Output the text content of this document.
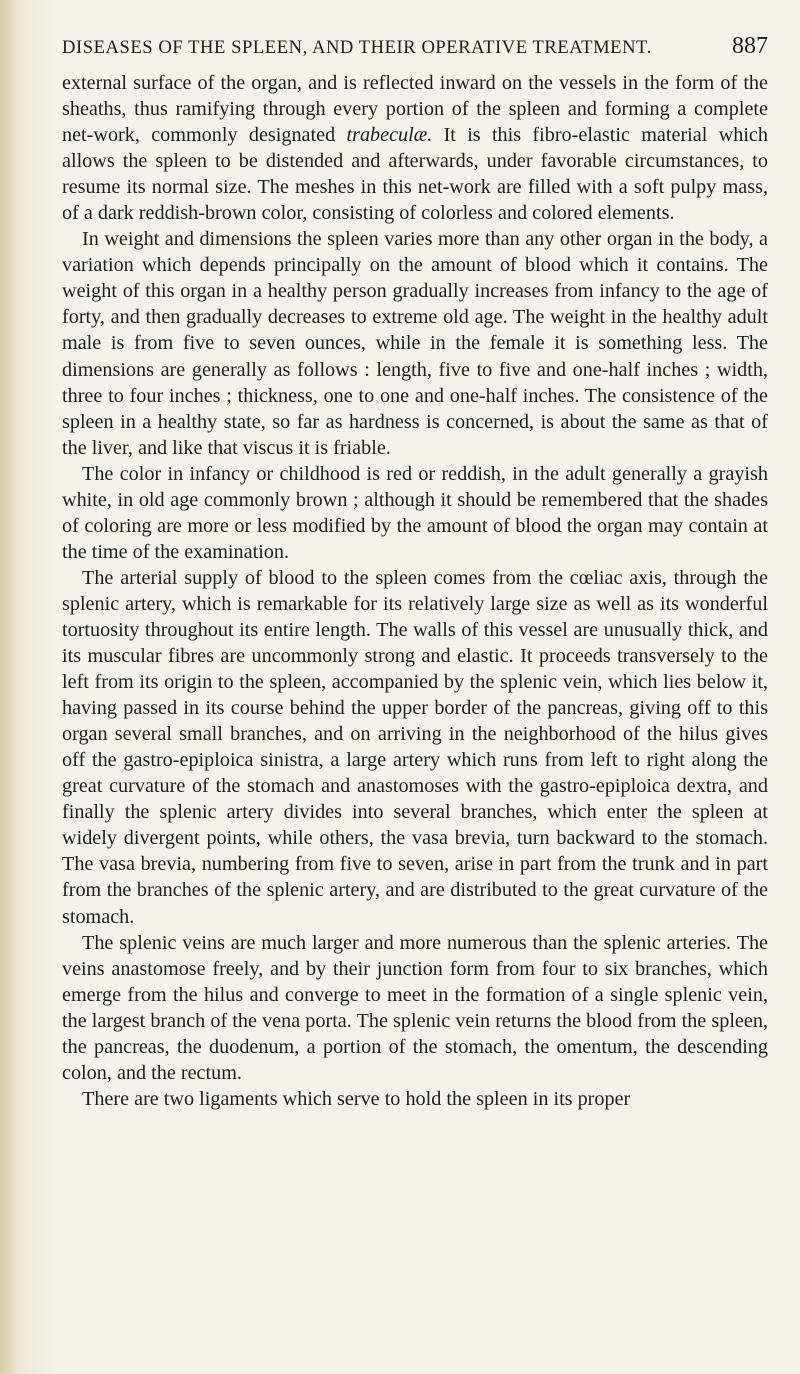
DISEASES OF THE SPLEEN, AND THEIR OPERATIVE TREATMENT.	887

external surface of the organ, and is reflected inward on the vessels in the form of the sheaths, thus ramifying through every portion of the spleen and forming a complete net-work, commonly designated trabeculæ. It is this fibro-elastic material which allows the spleen to be distended and afterwards, under favorable circumstances, to resume its normal size. The meshes in this net-work are filled with a soft pulpy mass, of a dark reddish-brown color, consisting of colorless and colored elements.

In weight and dimensions the spleen varies more than any other organ in the body, a variation which depends principally on the amount of blood which it contains. The weight of this organ in a healthy person gradually increases from infancy to the age of forty, and then gradually decreases to extreme old age. The weight in the healthy adult male is from five to seven ounces, while in the female it is something less. The dimensions are generally as follows : length, five to five and one-half inches ; width, three to four inches ; thickness, one to one and one-half inches. The consistence of the spleen in a healthy state, so far as hardness is concerned, is about the same as that of the liver, and like that viscus it is friable.

The color in infancy or childhood is red or reddish, in the adult generally a grayish white, in old age commonly brown ; although it should be remembered that the shades of coloring are more or less modified by the amount of blood the organ may contain at the time of the examination.

The arterial supply of blood to the spleen comes from the cœliac axis, through the splenic artery, which is remarkable for its relatively large size as well as its wonderful tortuosity throughout its entire length. The walls of this vessel are unusually thick, and its muscular fibres are uncommonly strong and elastic. It proceeds transversely to the left from its origin to the spleen, accompanied by the splenic vein, which lies below it, having passed in its course behind the upper border of the pancreas, giving off to this organ several small branches, and on arriving in the neighborhood of the hilus gives off the gastro-epiploica sinistra, a large artery which runs from left to right along the great curvature of the stomach and anastomoses with the gastro-epiploica dextra, and finally the splenic artery divides into several branches, which enter the spleen at widely divergent points, while others, the vasa brevia, turn backward to the stomach. The vasa brevia, numbering from five to seven, arise in part from the trunk and in part from the branches of the splenic artery, and are distributed to the great curvature of the stomach.

The splenic veins are much larger and more numerous than the splenic arteries. The veins anastomose freely, and by their junction form from four to six branches, which emerge from the hilus and converge to meet in the formation of a single splenic vein, the largest branch of the vena porta. The splenic vein returns the blood from the spleen, the pancreas, the duodenum, a portion of the stomach, the omentum, the descending colon, and the rectum.

There are two ligaments which serve to hold the spleen in its proper
